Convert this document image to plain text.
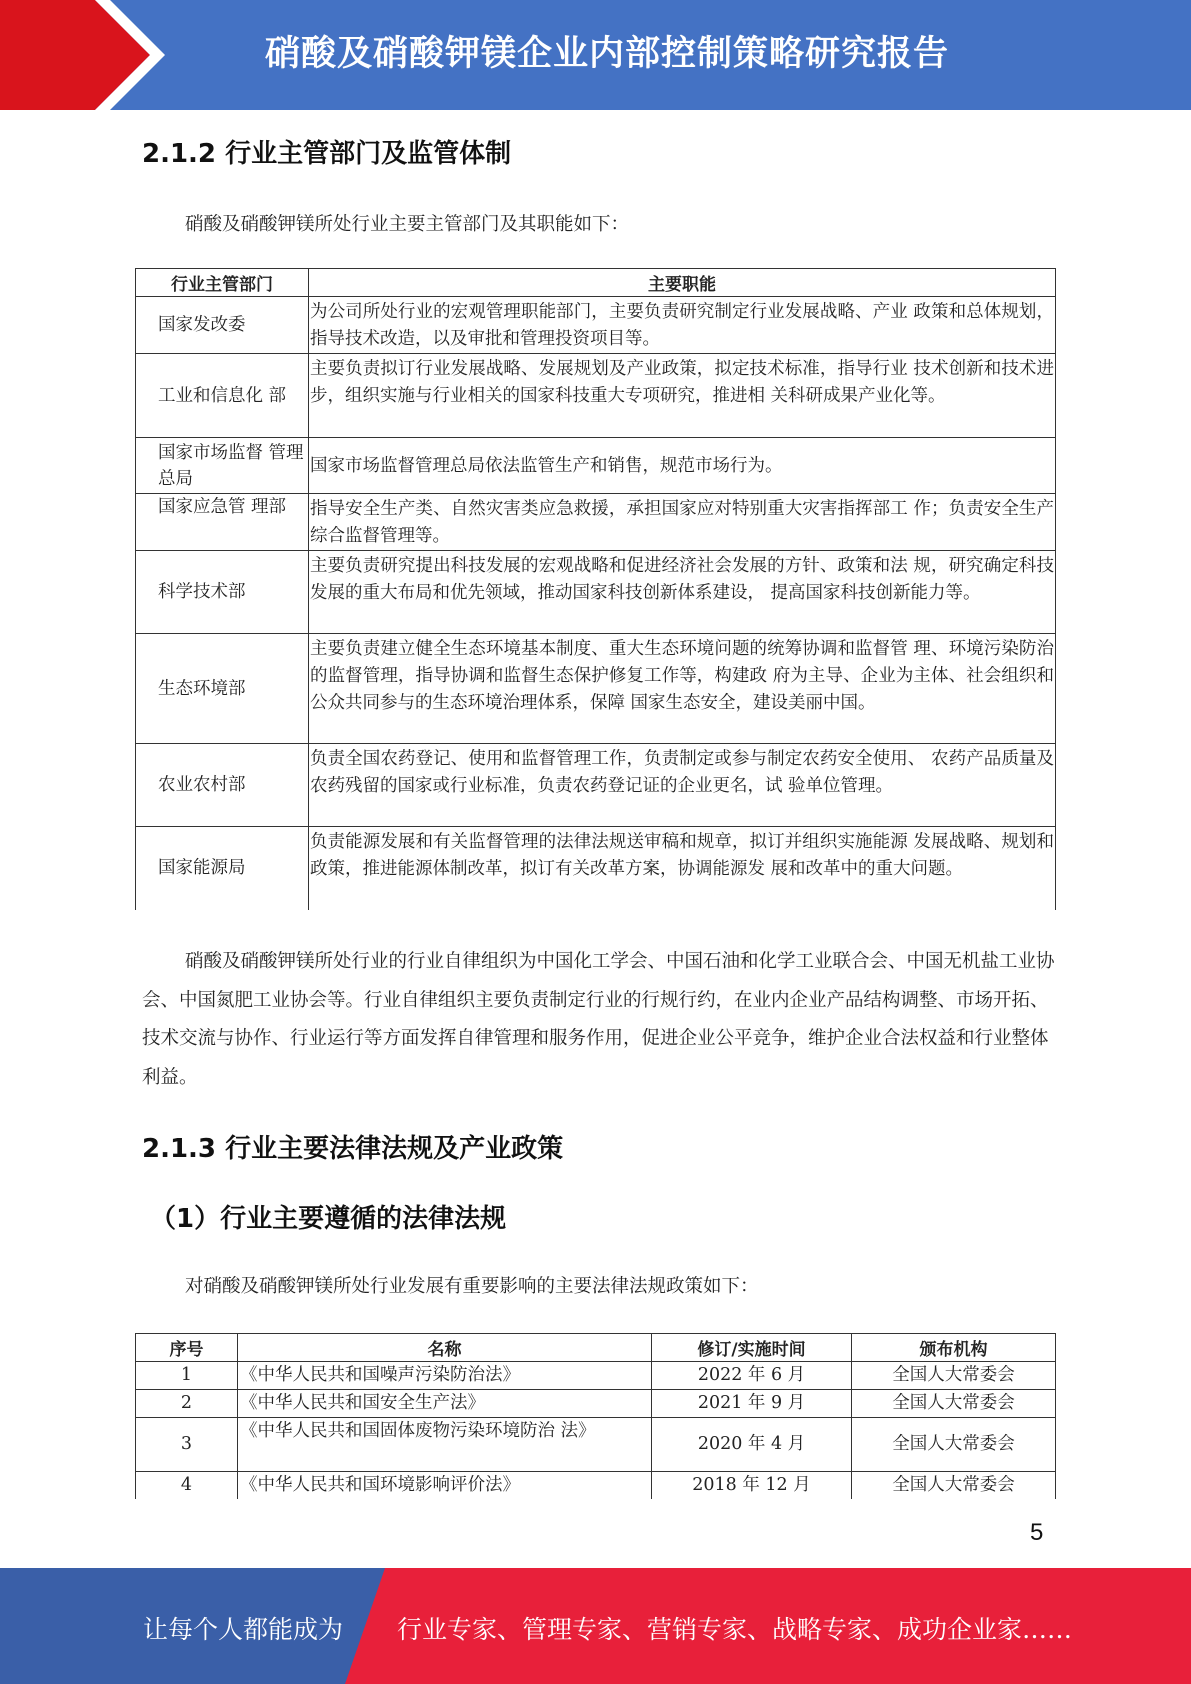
硝酸及硝酸钾镁企业内部控制策略研究报告
2.1.2 行业主管部门及监管体制
硝酸及硝酸钾镁所处行业主要主管部门及其职能如下：
行业主管部门	主要职能
国家发改委	为公司所处行业的宏观管理职能部门，主要负责研究制定行业发展战略、产业 政策和总体规划，指导技术改造，以及审批和管理投资项目等。
工业和信息化 部	主要负责拟订行业发展战略、发展规划及产业政策，拟定技术标准，指导行业 技术创新和技术进步，组织实施与行业相关的国家科技重大专项研究，推进相 关科研成果产业化等。
国家市场监督 管理总局	国家市场监督管理总局依法监管生产和销售，规范市场行为。
国家应急管 理部	指导安全生产类、自然灾害类应急救援，承担国家应对特别重大灾害指挥部工 作；负责安全生产综合监督管理等。
科学技术部	主要负责研究提出科技发展的宏观战略和促进经济社会发展的方针、政策和法 规，研究确定科技发展的重大布局和优先领域，推动国家科技创新体系建设， 提高国家科技创新能力等。
生态环境部	主要负责建立健全生态环境基本制度、重大生态环境问题的统筹协调和监督管 理、环境污染防治的监督管理，指导协调和监督生态保护修复工作等，构建政 府为主导、企业为主体、社会组织和公众共同参与的生态环境治理体系，保障 国家生态安全，建设美丽中国。
农业农村部	负责全国农药登记、使用和监督管理工作，负责制定或参与制定农药安全使用、 农药产品质量及农药残留的国家或行业标准，负责农药登记证的企业更名，试 验单位管理。
国家能源局	负责能源发展和有关监督管理的法律法规送审稿和规章，拟订并组织实施能源 发展战略、规划和政策，推进能源体制改革，拟订有关改革方案，协调能源发 展和改革中的重大问题。
硝酸及硝酸钾镁所处行业的行业自律组织为中国化工学会、中国石油和化学工业联合会、中国无机盐工业协会、中国氮肥工业协会等。行业自律组织主要负责制定行业的行规行约，在业内企业产品结构调整、市场开拓、技术交流与协作、行业运行等方面发挥自律管理和服务作用，促进企业公平竞争，维护企业合法权益和行业整体利益。
2.1.3 行业主要法律法规及产业政策
（1）行业主要遵循的法律法规
对硝酸及硝酸钾镁所处行业发展有重要影响的主要法律法规政策如下：
序号	名称	修订/实施时间	颁布机构
1	《中华人民共和国噪声污染防治法》	2022 年 6 月	全国人大常委会
2	《中华人民共和国安全生产法》	2021 年 9 月	全国人大常委会
3	《中华人民共和国固体废物污染环境防治 法》	2020 年 4 月	全国人大常委会
4	《中华人民共和国环境影响评价法》	2018 年 12 月	全国人大常委会
5
让每个人都能成为 行业专家、管理专家、营销专家、战略专家、成功企业家……
